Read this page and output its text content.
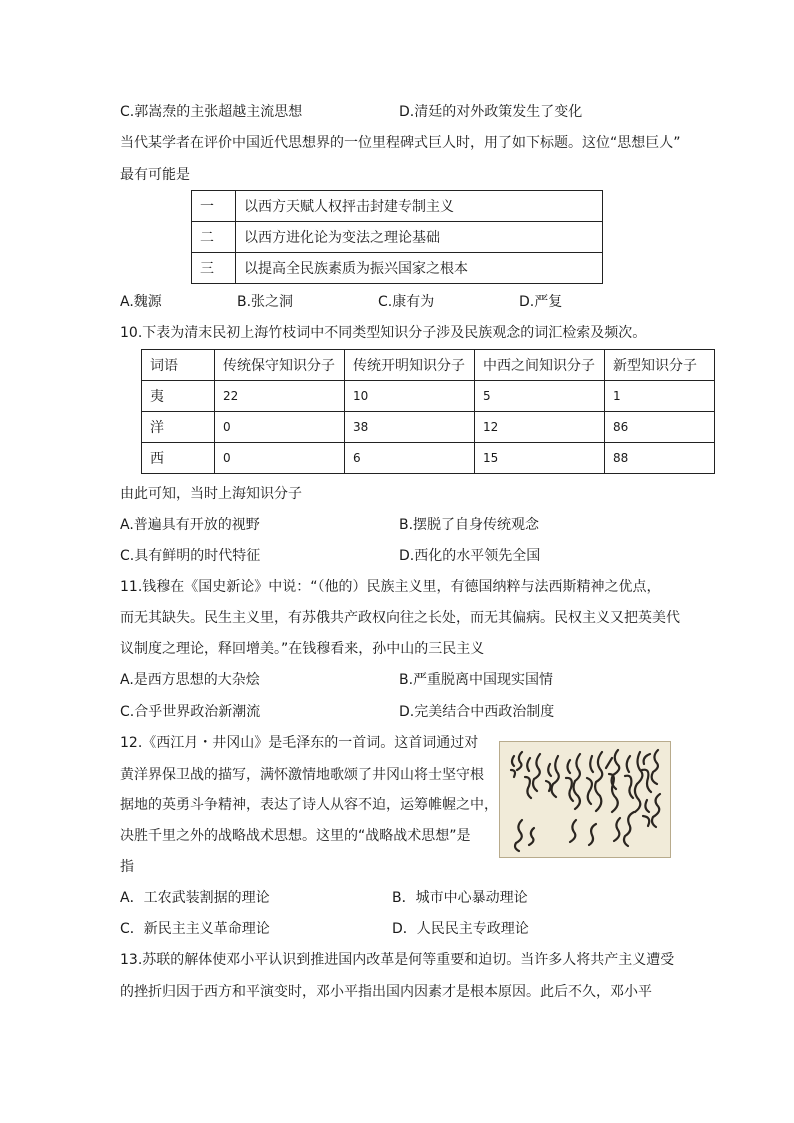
C.郭嵩焘的主张超越主流思想	D.清廷的对外政策发生了变化
当代某学者在评价中国近代思想界的一位里程碑式巨人时，用了如下标题。这位“思想巨人”
最有可能是
一	以西方天赋人权抨击封建专制主义
二	以西方进化论为变法之理论基础
三	以提高全民族素质为振兴国家之根本
A.魏源	B.张之洞	C.康有为	D.严复
10.下表为清末民初上海竹枝词中不同类型知识分子涉及民族观念的词汇检索及频次。
词语	传统保守知识分子	传统开明知识分子	中西之间知识分子	新型知识分子
夷	22	10	5	1
洋	0	38	12	86
西	0	6	15	88
由此可知，当时上海知识分子
A.普遍具有开放的视野	B.摆脱了自身传统观念
C.具有鲜明的时代特征	D.西化的水平领先全国
11.钱穆在《国史新论》中说：“（他的）民族主义里，有德国纳粹与法西斯精神之优点，
而无其缺失。民生主义里，有苏俄共产政权向往之长处，而无其偏病。民权主义又把英美代
议制度之理论，释回增美。”在钱穆看来，孙中山的三民主义
A.是西方思想的大杂烩	B.严重脱离中国现实国情
C.合乎世界政治新潮流	D.完美结合中西政治制度
12.《西江月・井冈山》是毛泽东的一首词。这首词通过对
黄洋界保卫战的描写，满怀激情地歌颂了井冈山将士坚守根
据地的英勇斗争精神，表达了诗人从容不迫，运筹帷幄之中，
决胜千里之外的战略战术思想。这里的“战略战术思想”是
指
A．工农武装割据的理论	B．城市中心暴动理论
C．新民主主义革命理论	D．人民民主专政理论
13.苏联的解体使邓小平认识到推进国内改革是何等重要和迫切。当许多人将共产主义遭受
的挫折归因于西方和平演变时，邓小平指出国内因素才是根本原因。此后不久，邓小平
